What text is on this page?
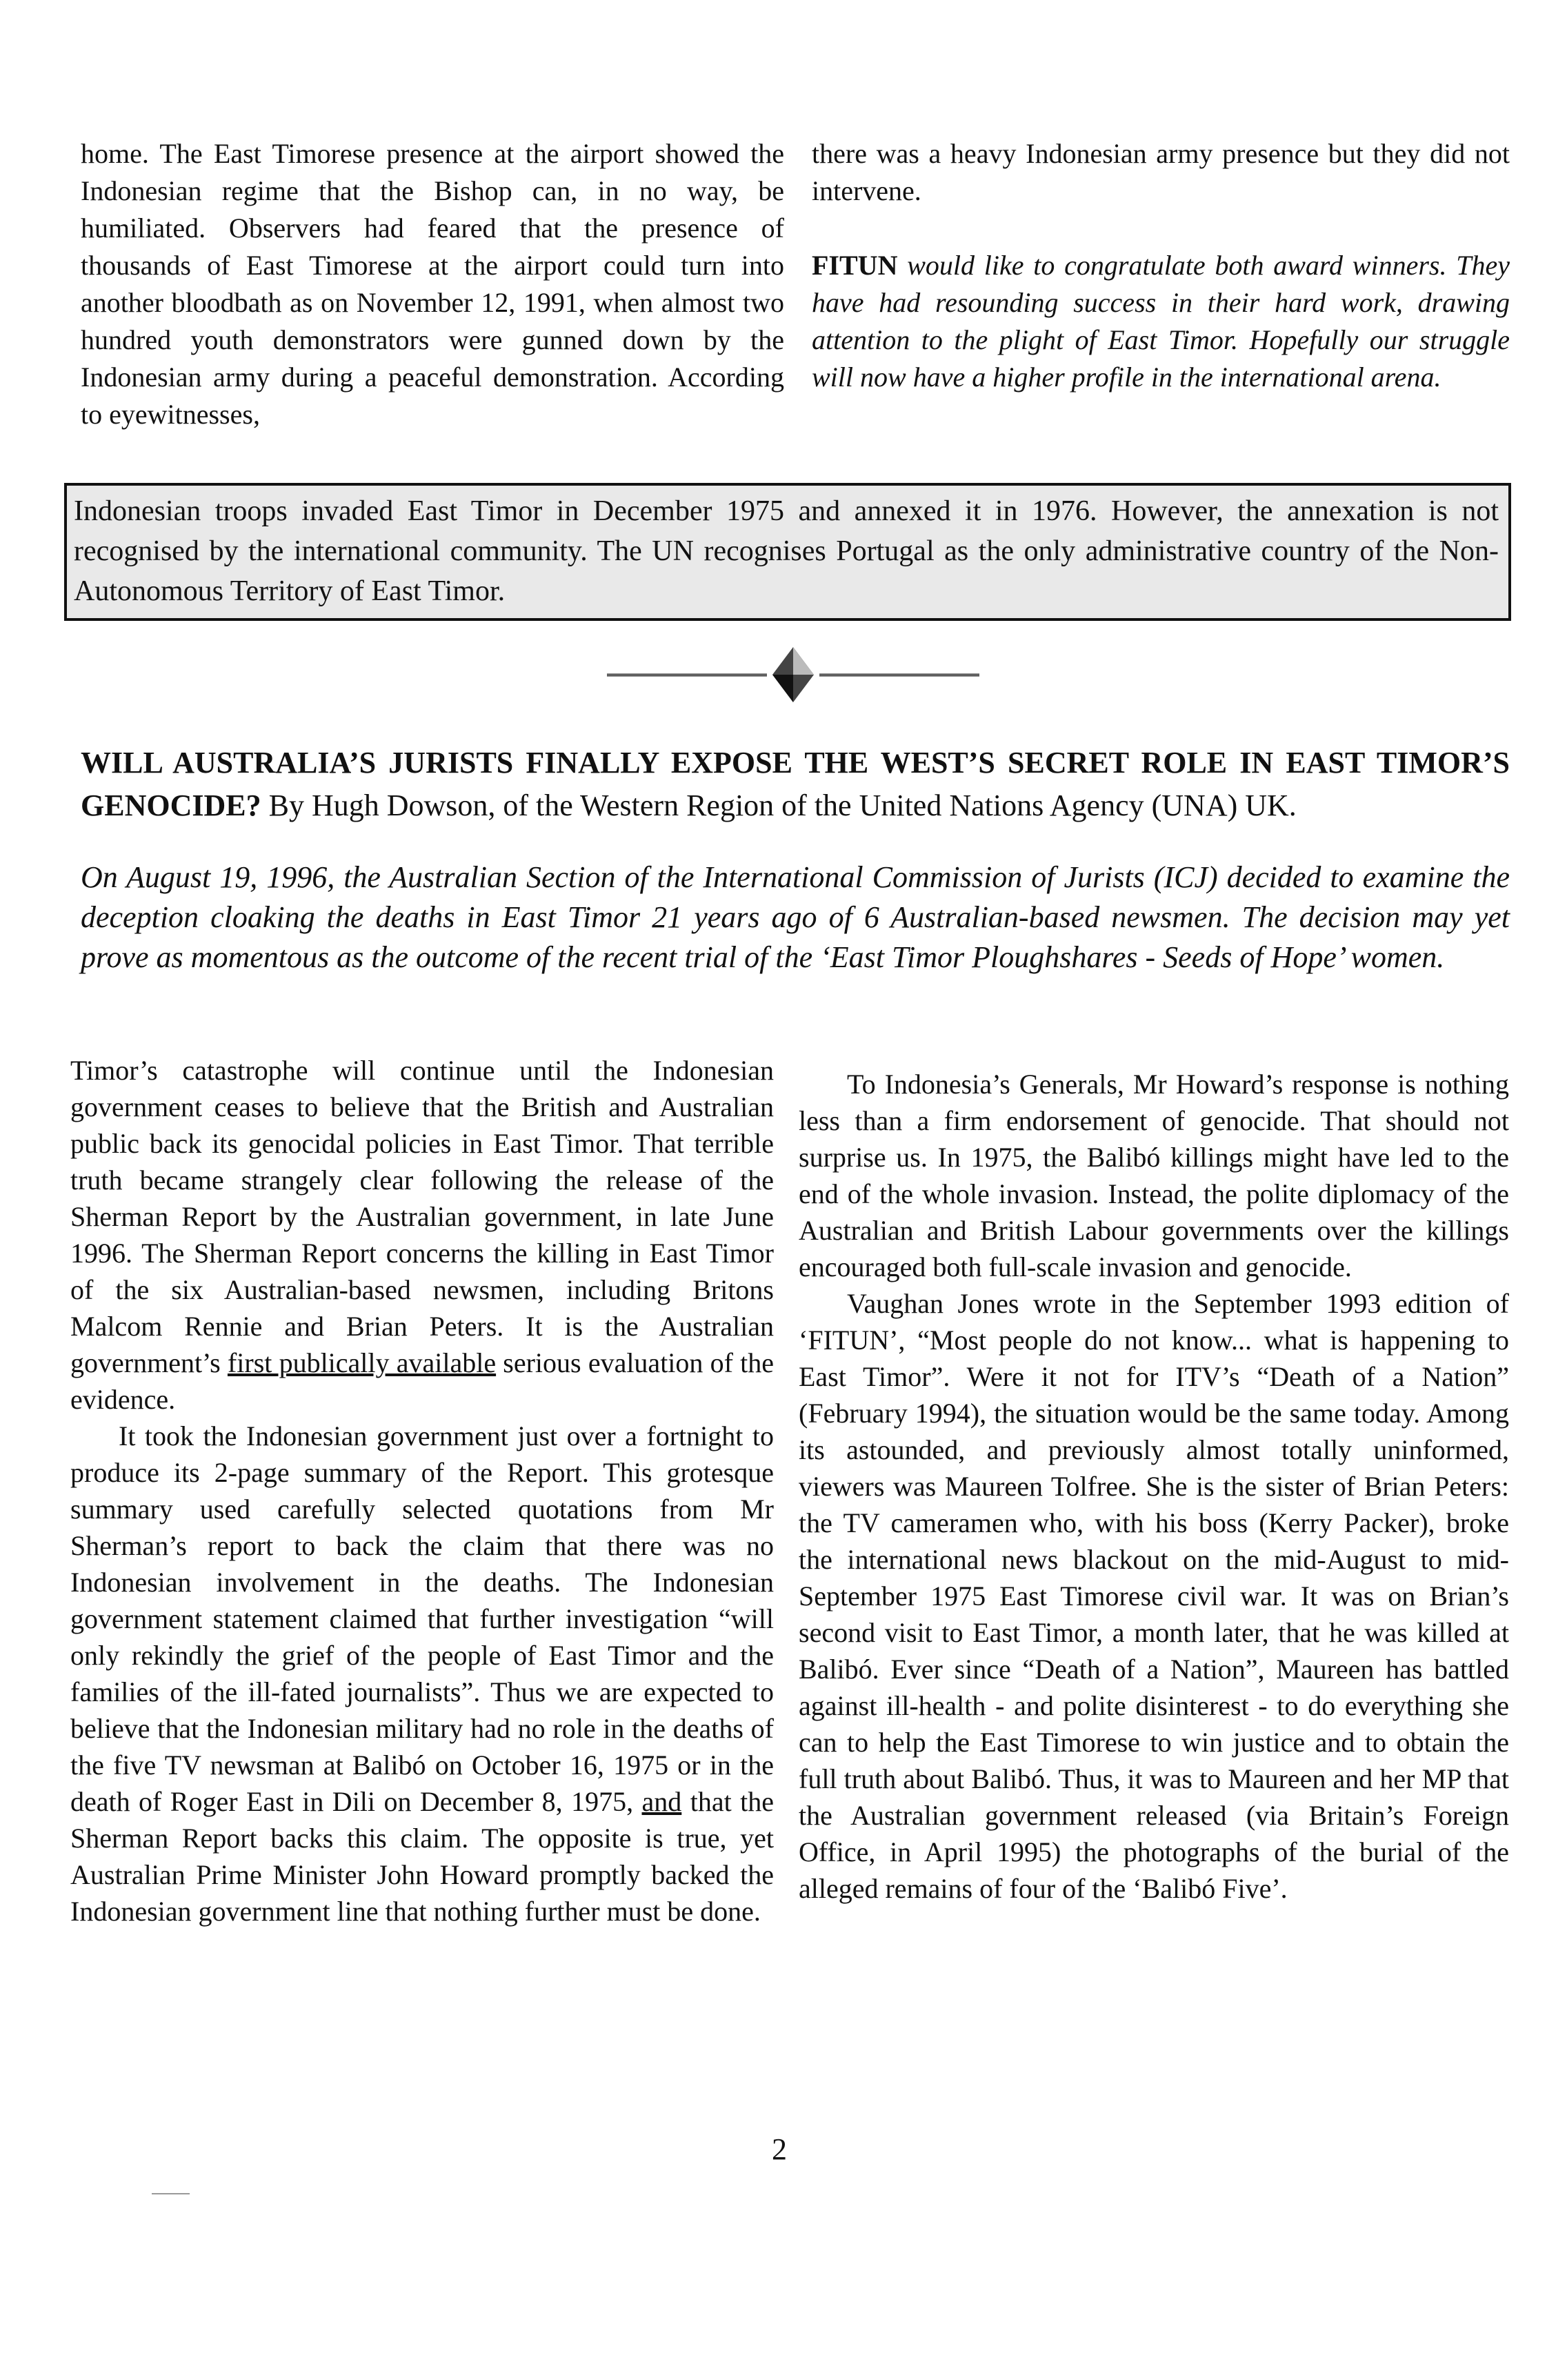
home. The East Timorese presence at the airport showed the Indonesian regime that the Bishop can, in no way, be humiliated. Observers had feared that the presence of thousands of East Timorese at the airport could turn into another bloodbath as on November 12, 1991, when almost two hundred youth demonstrators were gunned down by the Indonesian army during a peaceful demonstration. According to eyewitnesses,

there was a heavy Indonesian army presence but they did not intervene.

FITUN would like to congratulate both award winners. They have had resounding success in their hard work, drawing attention to the plight of East Timor. Hopefully our struggle will now have a higher profile in the international arena.

Indonesian troops invaded East Timor in December 1975 and annexed it in 1976. However, the annexation is not recognised by the international community. The UN recognises Portugal as the only administrative country of the Non-Autonomous Territory of East Timor.

WILL AUSTRALIA’S JURISTS FINALLY EXPOSE THE WEST’S SECRET ROLE IN EAST TIMOR’S GENOCIDE? By Hugh Dowson, of the Western Region of the United Nations Agency (UNA) UK.

On August 19, 1996, the Australian Section of the International Commission of Jurists (ICJ) decided to examine the deception cloaking the deaths in East Timor 21 years ago of 6 Australian-based newsmen. The decision may yet prove as momentous as the outcome of the recent trial of the ‘East Timor Ploughshares - Seeds of Hope’ women.

Timor’s catastrophe will continue until the Indonesian government ceases to believe that the British and Australian public back its genocidal policies in East Timor. That terrible truth became strangely clear following the release of the Sherman Report by the Australian government, in late June 1996. The Sherman Report concerns the killing in East Timor of the six Australian-based newsmen, including Britons Malcom Rennie and Brian Peters. It is the Australian government’s first publically available serious evaluation of the evidence.

It took the Indonesian government just over a fortnight to produce its 2-page summary of the Report. This grotesque summary used carefully selected quotations from Mr Sherman’s report to back the claim that there was no Indonesian involvement in the deaths. The Indonesian government statement claimed that further investigation “will only rekindly the grief of the people of East Timor and the families of the ill-fated journalists”. Thus we are expected to believe that the Indonesian military had no role in the deaths of the five TV newsman at Balibó on October 16, 1975 or in the death of Roger East in Dili on December 8, 1975, and that the Sherman Report backs this claim. The opposite is true, yet Australian Prime Minister John Howard promptly backed the Indonesian government line that nothing further must be done.

To Indonesia’s Generals, Mr Howard’s response is nothing less than a firm endorsement of genocide. That should not surprise us. In 1975, the Balibó killings might have led to the end of the whole invasion. Instead, the polite diplomacy of the Australian and British Labour governments over the killings encouraged both full-scale invasion and genocide.

Vaughan Jones wrote in the September 1993 edition of ‘FITUN’, “Most people do not know... what is happening to East Timor”. Were it not for ITV’s “Death of a Nation” (February 1994), the situation would be the same today. Among its astounded, and previously almost totally uninformed, viewers was Maureen Tolfree. She is the sister of Brian Peters: the TV cameramen who, with his boss (Kerry Packer), broke the international news blackout on the mid-August to mid-September 1975 East Timorese civil war. It was on Brian’s second visit to East Timor, a month later, that he was killed at Balibó. Ever since “Death of a Nation”, Maureen has battled against ill-health - and polite disinterest - to do everything she can to help the East Timorese to win justice and to obtain the full truth about Balibó. Thus, it was to Maureen and her MP that the Australian government released (via Britain’s Foreign Office, in April 1995) the photographs of the burial of the alleged remains of four of the ‘Balibó Five’.

2
